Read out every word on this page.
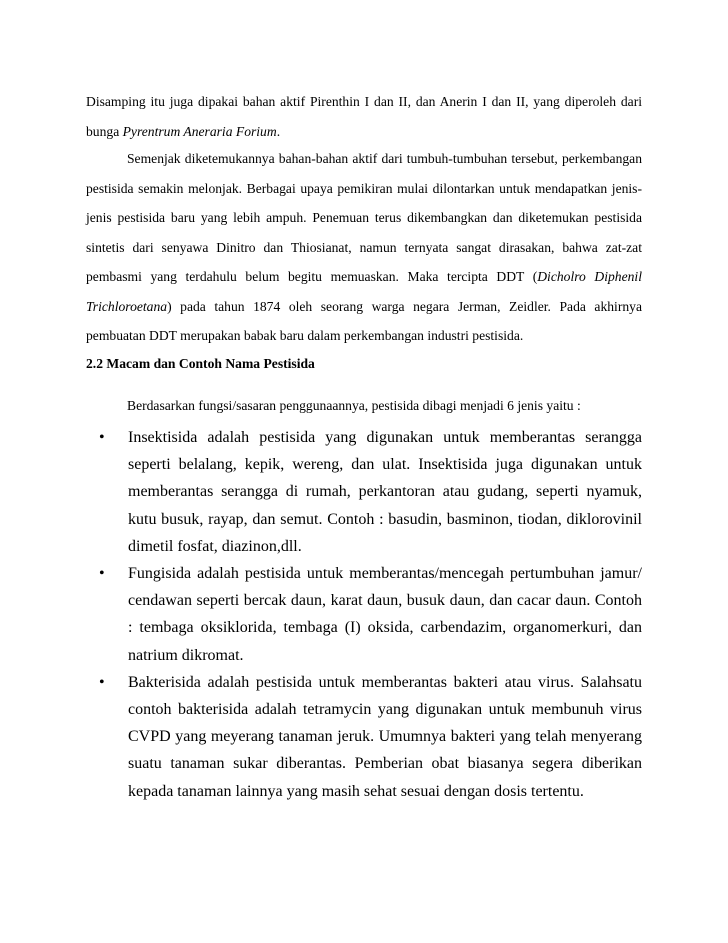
Disamping itu juga dipakai bahan aktif Pirenthin I dan II, dan Anerin I dan II, yang diperoleh dari bunga Pyrentrum Aneraria Forium.

Semenjak diketemukannya bahan-bahan aktif dari tumbuh-tumbuhan tersebut, perkembangan pestisida semakin melonjak. Berbagai upaya pemikiran mulai dilontarkan untuk mendapatkan jenis-jenis pestisida baru yang lebih ampuh. Penemuan terus dikembangkan dan diketemukan pestisida sintetis dari senyawa Dinitro dan Thiosianat, namun ternyata sangat dirasakan, bahwa zat-zat pembasmi yang terdahulu belum begitu memuaskan. Maka tercipta DDT (Dicholro Diphenil Trichloroetana) pada tahun 1874 oleh seorang warga negara Jerman, Zeidler. Pada akhirnya pembuatan DDT merupakan babak baru dalam perkembangan industri pestisida.

2.2 Macam dan Contoh Nama Pestisida

Berdasarkan fungsi/sasaran penggunaannya, pestisida dibagi menjadi 6 jenis yaitu :

• Insektisida adalah pestisida yang digunakan untuk memberantas serangga seperti belalang, kepik, wereng, dan ulat. Insektisida juga digunakan untuk memberantas serangga di rumah, perkantoran atau gudang, seperti nyamuk, kutu busuk, rayap, dan semut. Contoh : basudin, basminon, tiodan, diklorovinil dimetil fosfat, diazinon,dll.
• Fungisida adalah pestisida untuk memberantas/mencegah pertumbuhan jamur/ cendawan seperti bercak daun, karat daun, busuk daun, dan cacar daun. Contoh : tembaga oksiklorida, tembaga (I) oksida, carbendazim, organomerkuri, dan natrium dikromat.
• Bakterisida adalah pestisida untuk memberantas bakteri atau virus. Salahsatu contoh bakterisida adalah tetramycin yang digunakan untuk membunuh virus CVPD yang meyerang tanaman jeruk. Umumnya bakteri yang telah menyerang suatu tanaman sukar diberantas. Pemberian obat biasanya segera diberikan kepada tanaman lainnya yang masih sehat sesuai dengan dosis tertentu.
